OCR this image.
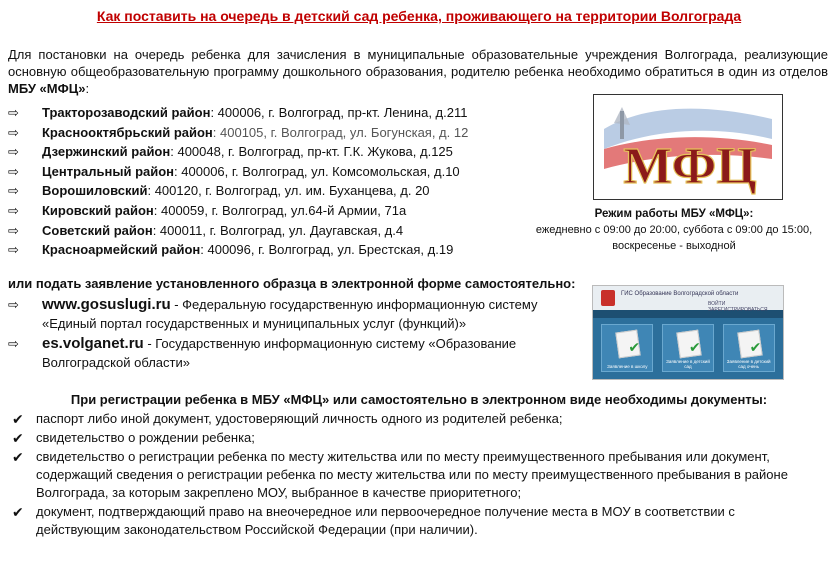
Как поставить на очередь в детский сад ребенка, проживающего на территории Волгограда
Для постановки на очередь ребенка для зачисления в муниципальные образовательные учреждения Волгограда, реализующие основную общеобразовательную программу дошкольного образования, родителю ребенка необходимо обратиться в один из отделов МБУ «МФЦ»:
⇨ Тракторозаводский район: 400006, г. Волгоград, пр-кт. Ленина, д.211
⇨ Краснооктябрьский район: 400105, г. Волгоград, ул. Богунская, д. 12
⇨ Дзержинский район: 400048, г. Волгоград, пр-кт. Г.К. Жукова, д.125
⇨ Центральный район: 400006, г. Волгоград, ул. Комсомольская, д.10
⇨ Ворошиловский: 400120, г. Волгоград, ул. им. Буханцева, д. 20
⇨ Кировский район: 400059, г. Волгоград, ул.64-й Армии, 71а
⇨ Советский район: 400011, г. Волгоград, ул. Даугавская, д.4
⇨ Красноармейский район: 400096, г. Волгоград, ул. Брестская, д.19
МФЦ
Режим работы МБУ «МФЦ»:
ежедневно с 09:00 до 20:00, суббота с 09:00 до 15:00,
воскресенье - выходной
или подать заявление установленного образца в электронной форме самостоятельно:
⇨ www.gosuslugi.ru - Федеральную государственную информационную систему «Единый портал государственных и муниципальных услуг (функций)»
⇨ es.volganet.ru - Государственную информационную систему «Образование Волгоградской области»
ГИС Образование Волгоградской области
ВОЙТИ ЗАРЕГИСТРИРОВАТЬСЯ
✔
Заявление в школу
✔
Заявление в детский сад
✔
Заявление в детский сад очень
При регистрации ребенка в МБУ «МФЦ» или самостоятельно в электронном виде необходимы документы:
✔ паспорт либо иной документ, удостоверяющий личность одного из родителей ребенка;
✔ свидетельство о рождении ребенка;
✔ свидетельство о регистрации ребенка по месту жительства или по месту преимущественного пребывания или документ, содержащий сведения о регистрации ребенка по месту жительства или по месту преимущественного пребывания в районе Волгограда, за которым закреплено МОУ, выбранное в качестве приоритетного;
✔ документ, подтверждающий право на внеочередное или первоочередное получение места в МОУ в соответствии с действующим законодательством Российской Федерации (при наличии).
